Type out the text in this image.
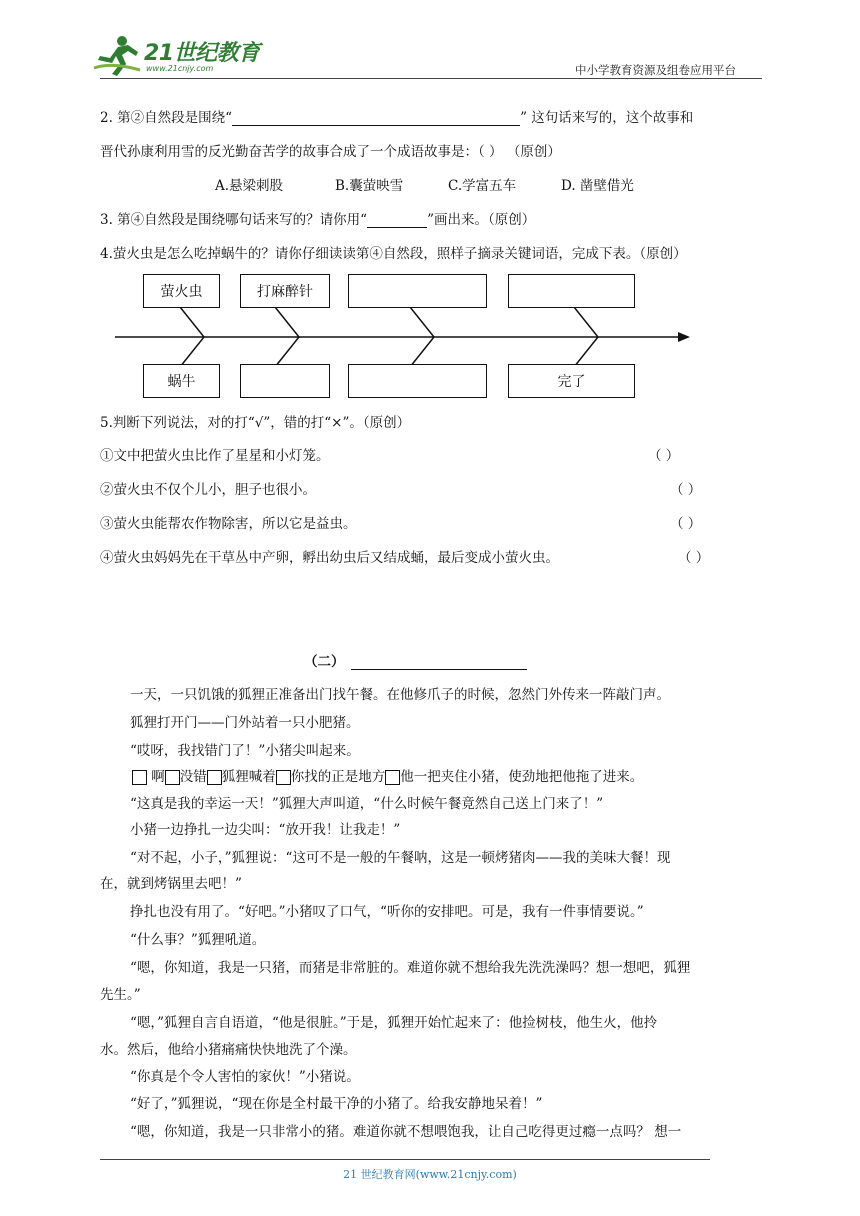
21世纪教育
www.21cnjy.com	中小学教育资源及组卷应用平台
2. 第②自然段是围绕“	” 这句话来写的，这个故事和
晋代孙康利用雪的反光勤奋苦学的故事合成了一个成语故事是：（ ） （原创）
A.悬梁刺股	B.囊萤映雪	C.学富五车	D. 凿壁借光
3. 第④自然段是围绕哪句话来写的？请你用“	”画出来。（原创）
4.萤火虫是怎么吃掉蜗牛的？请你仔细读读第④自然段，照样子摘录关键词语，完成下表。（原创）
萤火虫	打麻醉针
蜗牛	完了
5.判断下列说法，对的打“√”，错的打“×”。（原创）
①文中把萤火虫比作了星星和小灯笼。	（ ）
②萤火虫不仅个儿小，胆子也很小。	（ ）
③萤火虫能帮农作物除害，所以它是益虫。	（ ）
④萤火虫妈妈先在干草丛中产卵，孵出幼虫后又结成蛹，最后变成小萤火虫。	（ ）
（二）
一天，一只饥饿的狐狸正准备出门找午餐。在他修爪子的时候，忽然门外传来一阵敲门声。
狐狸打开门——门外站着一只小肥猪。
“哎呀，我找错门了！”小猪尖叫起来。
啊 没错 狐狸喊着 你找的正是地方 他一把夹住小猪，使劲地把他拖了进来。
“这真是我的幸运一天！”狐狸大声叫道，“什么时候午餐竟然自己送上门来了！”
小猪一边挣扎一边尖叫：“放开我！让我走！”
“对不起，小子，”狐狸说：“这可不是一般的午餐呐，这是一顿烤猪肉——我的美味大餐！现
在，就到烤锅里去吧！”
挣扎也没有用了。“好吧。”小猪叹了口气，“听你的安排吧。可是，我有一件事情要说。”
“什么事？”狐狸吼道。
“嗯，你知道，我是一只猪，而猪是非常脏的。难道你就不想给我先洗洗澡吗？想一想吧，狐狸
先生。”
“嗯，”狐狸自言自语道，“他是很脏。”于是，狐狸开始忙起来了：他捡树枝，他生火，他拎
水。然后，他给小猪痛痛快快地洗了个澡。
“你真是个令人害怕的家伙！”小猪说。
“好了，”狐狸说，“现在你是全村最干净的小猪了。给我安静地呆着！”
“嗯，你知道，我是一只非常小的猪。难道你就不想喂饱我，让自己吃得更过瘾一点吗？ 想一
21 世纪教育网(www.21cnjy.com)
